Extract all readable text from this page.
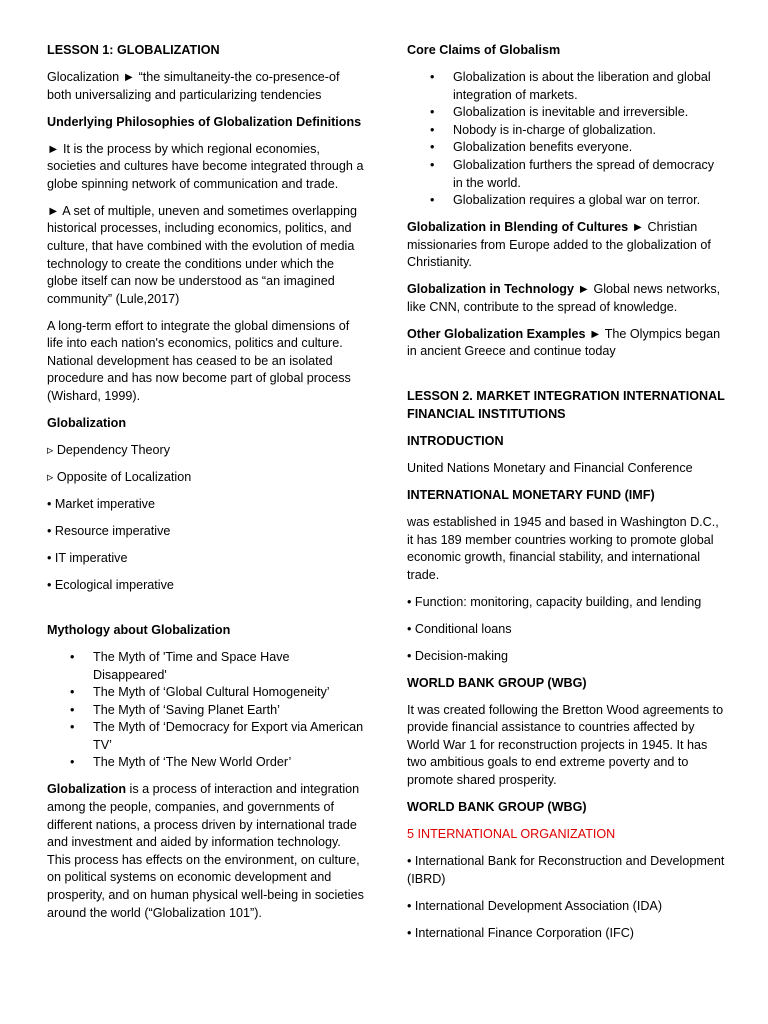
LESSON 1: GLOBALIZATION

Glocalization ► “the simultaneity-the co-presence-of both universalizing and particularizing tendencies

Underlying Philosophies of Globalization Definitions

► It is the process by which regional economies, societies and cultures have become integrated through a globe spinning network of communication and trade.

► A set of multiple, uneven and sometimes overlapping historical processes, including economics, politics, and culture, that have combined with the evolution of media technology to create the conditions under which the globe itself can now be understood as “an imagined community” (Lule,2017)

A long-term effort to integrate the global dimensions of life into each nation's economics, politics and culture. National development has ceased to be an isolated procedure and has now become part of global process (Wishard, 1999).

Globalization

▹ Dependency Theory

▹ Opposite of Localization

• Market imperative

• Resource imperative

• IT imperative

• Ecological imperative

Mythology about Globalization

• The Myth of 'Time and Space Have Disappeared'
• The Myth of ‘Global Cultural Homogeneity’
• The Myth of ‘Saving Planet Earth’
• The Myth of ‘Democracy for Export via American TV’
• The Myth of ‘The New World Order’

Globalization is a process of interaction and integration among the people, companies, and governments of different nations, a process driven by international trade and investment and aided by information technology. This process has effects on the environment, on culture, on political systems on economic development and prosperity, and on human physical well-being in societies around the world (“Globalization 101”).

Core Claims of Globalism

• Globalization is about the liberation and global integration of markets.
• Globalization is inevitable and irreversible.
• Nobody is in-charge of globalization.
• Globalization benefits everyone.
• Globalization furthers the spread of democracy in the world.
• Globalization requires a global war on terror.

Globalization in Blending of Cultures ► Christian missionaries from Europe added to the globalization of Christianity.

Globalization in Technology ► Global news networks, like CNN, contribute to the spread of knowledge.

Other Globalization Examples ► The Olympics began in ancient Greece and continue today

LESSON 2. MARKET INTEGRATION INTERNATIONAL FINANCIAL INSTITUTIONS

INTRODUCTION

United Nations Monetary and Financial Conference

INTERNATIONAL MONETARY FUND (IMF)

was established in 1945 and based in Washington D.C., it has 189 member countries working to promote global economic growth, financial stability, and international trade.

• Function: monitoring, capacity building, and lending

• Conditional loans

• Decision-making

WORLD BANK GROUP (WBG)

It was created following the Bretton Wood agreements to provide financial assistance to countries affected by World War 1 for reconstruction projects in 1945. It has two ambitious goals to end extreme poverty and to promote shared prosperity.

WORLD BANK GROUP (WBG)

5 INTERNATIONAL ORGANIZATION

• International Bank for Reconstruction and Development (IBRD)

• International Development Association (IDA)

• International Finance Corporation (IFC)
